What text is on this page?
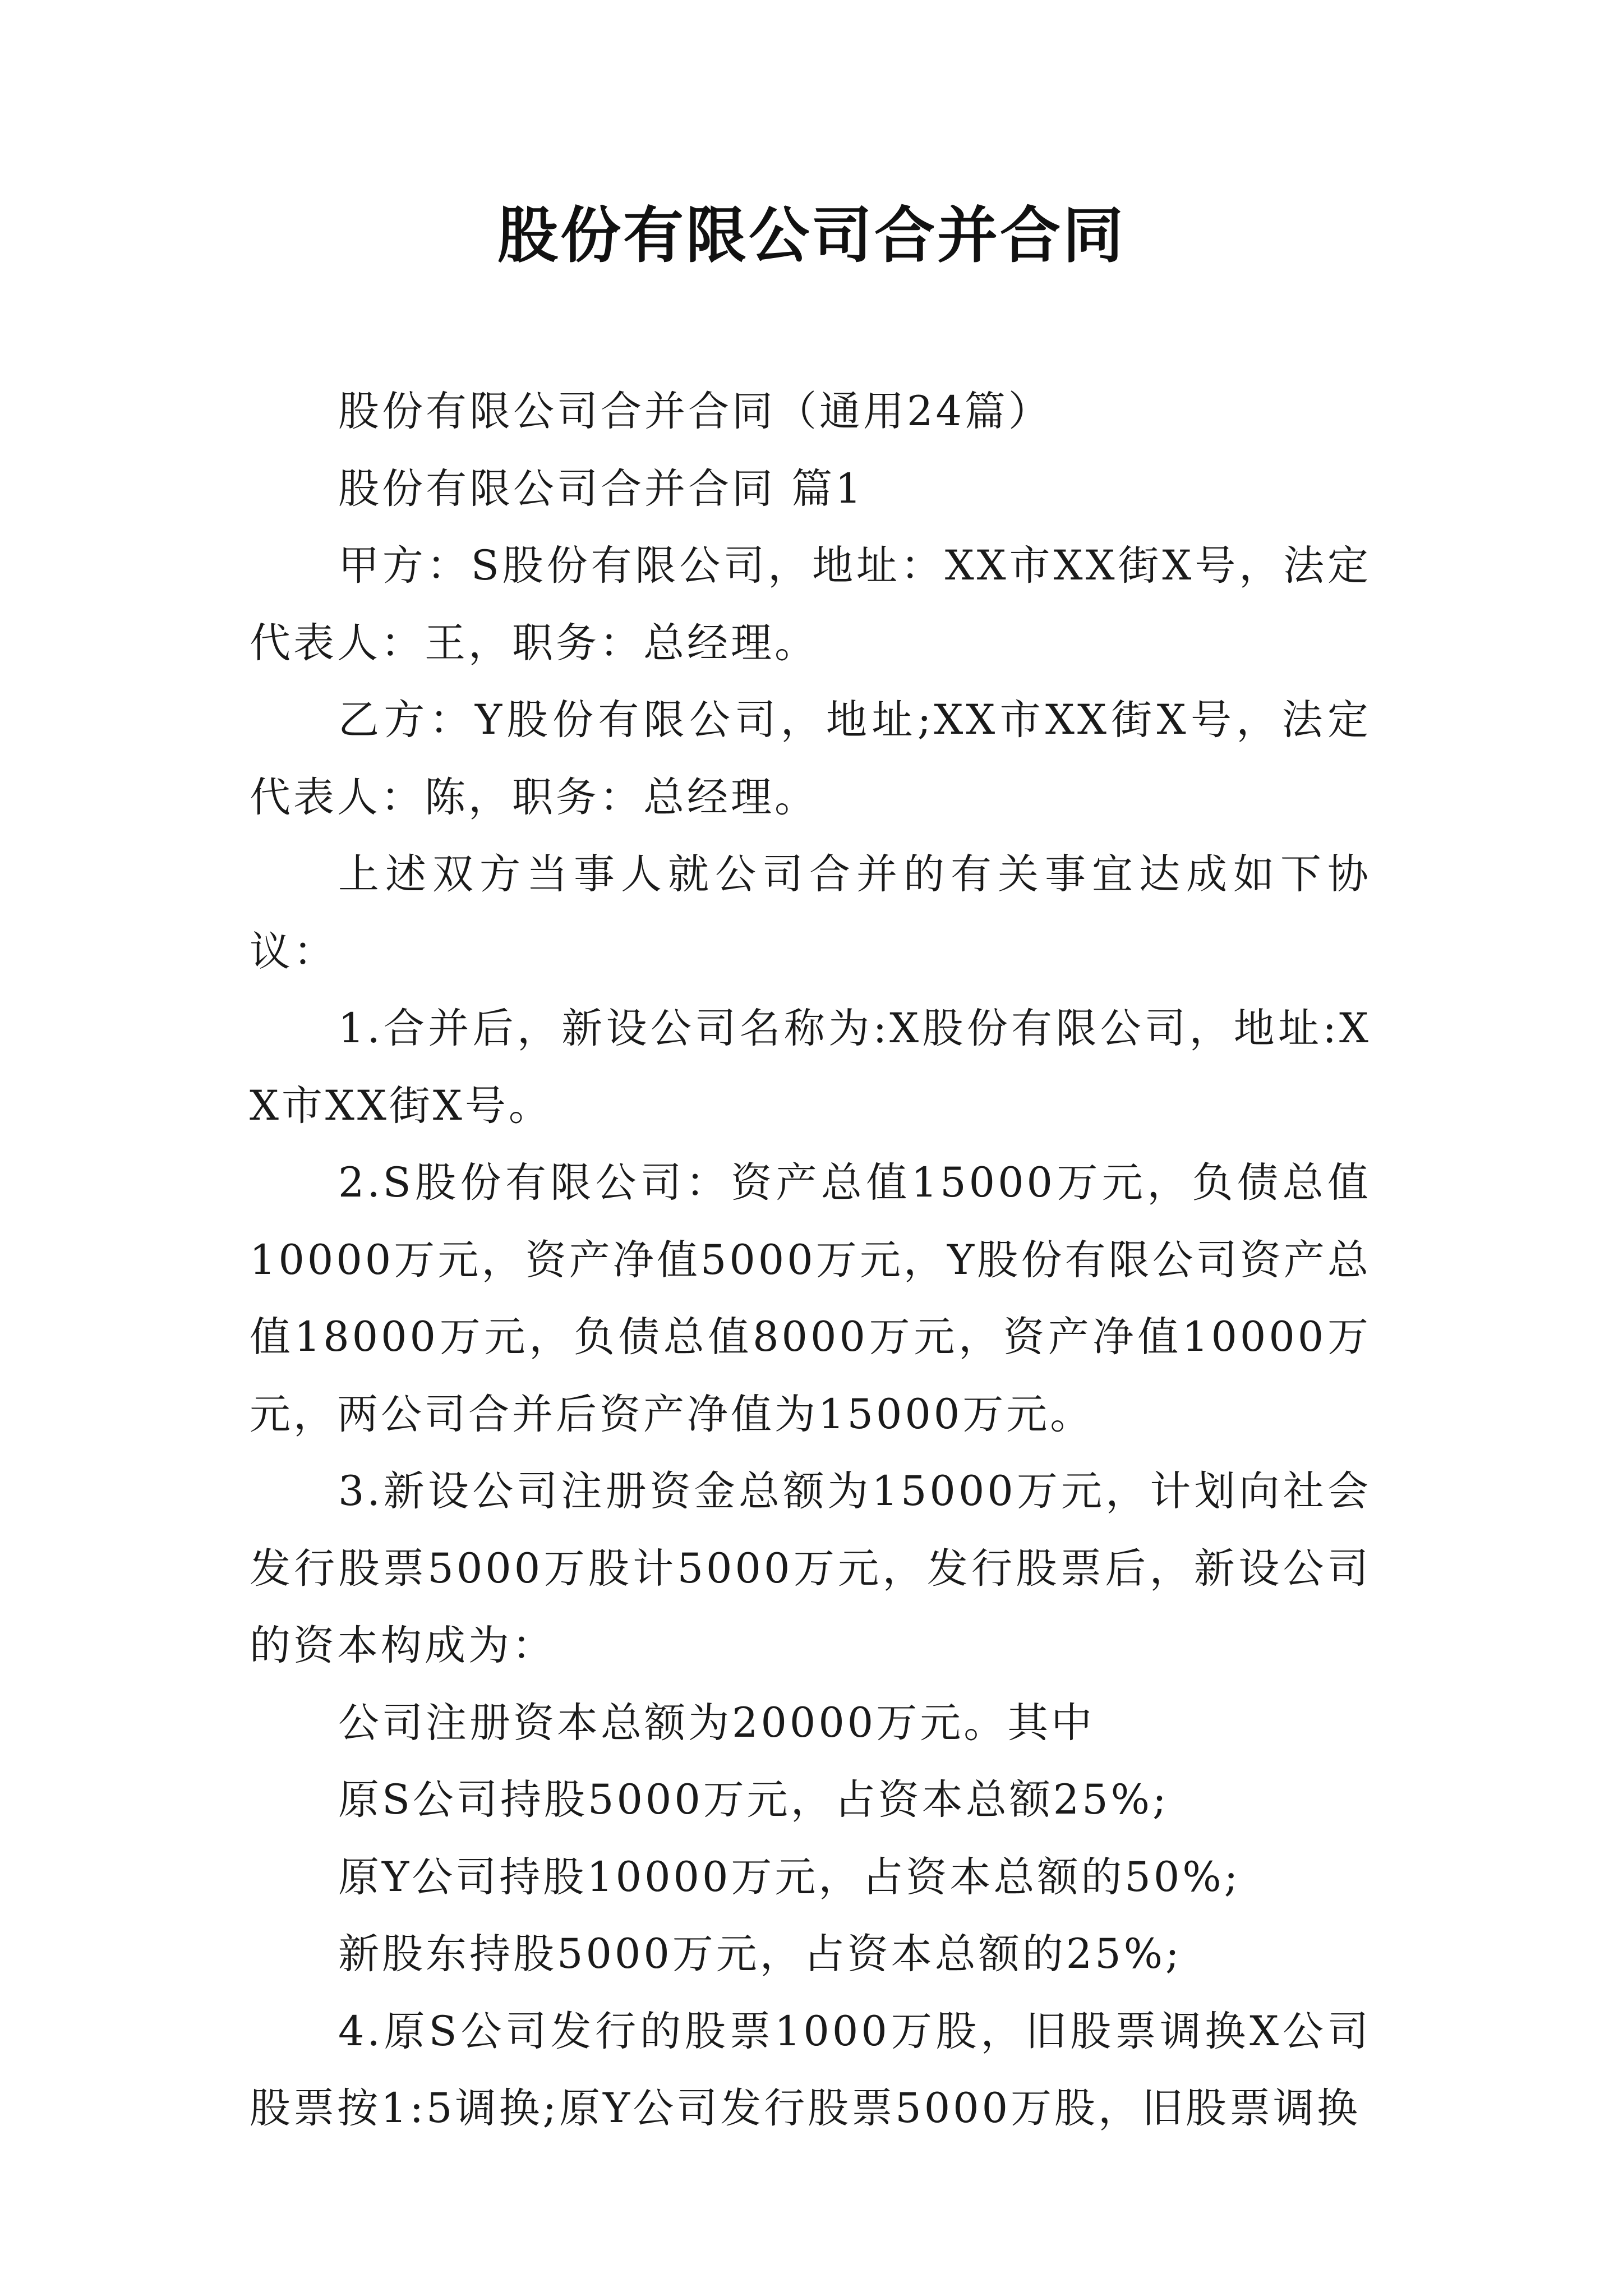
股份有限公司合并合同

股份有限公司合并合同（通用24篇）

股份有限公司合并合同 篇1

甲方：S股份有限公司，地址：XX市XX街X号，法定代表人：王，职务：总经理。

乙方：Y股份有限公司，地址;XX市XX街X号，法定代表人：陈，职务：总经理。

上述双方当事人就公司合并的有关事宜达成如下协议：

1.合并后，新设公司名称为:X股份有限公司，地址:XX市XX街X号。

2.S股份有限公司：资产总值15000万元，负债总值10000万元，资产净值5000万元，Y股份有限公司资产总值18000万元，负债总值8000万元，资产净值10000万元，两公司合并后资产净值为15000万元。

3.新设公司注册资金总额为15000万元，计划向社会发行股票5000万股计5000万元，发行股票后，新设公司的资本构成为：

公司注册资本总额为20000万元。其中

原S公司持股5000万元，占资本总额25%;

原Y公司持股10000万元，占资本总额的50%;

新股东持股5000万元，占资本总额的25%;

4.原S公司发行的股票1000万股，旧股票调换X公司股票按1:5调换;原Y公司发行股票5000万股，旧股票调换
